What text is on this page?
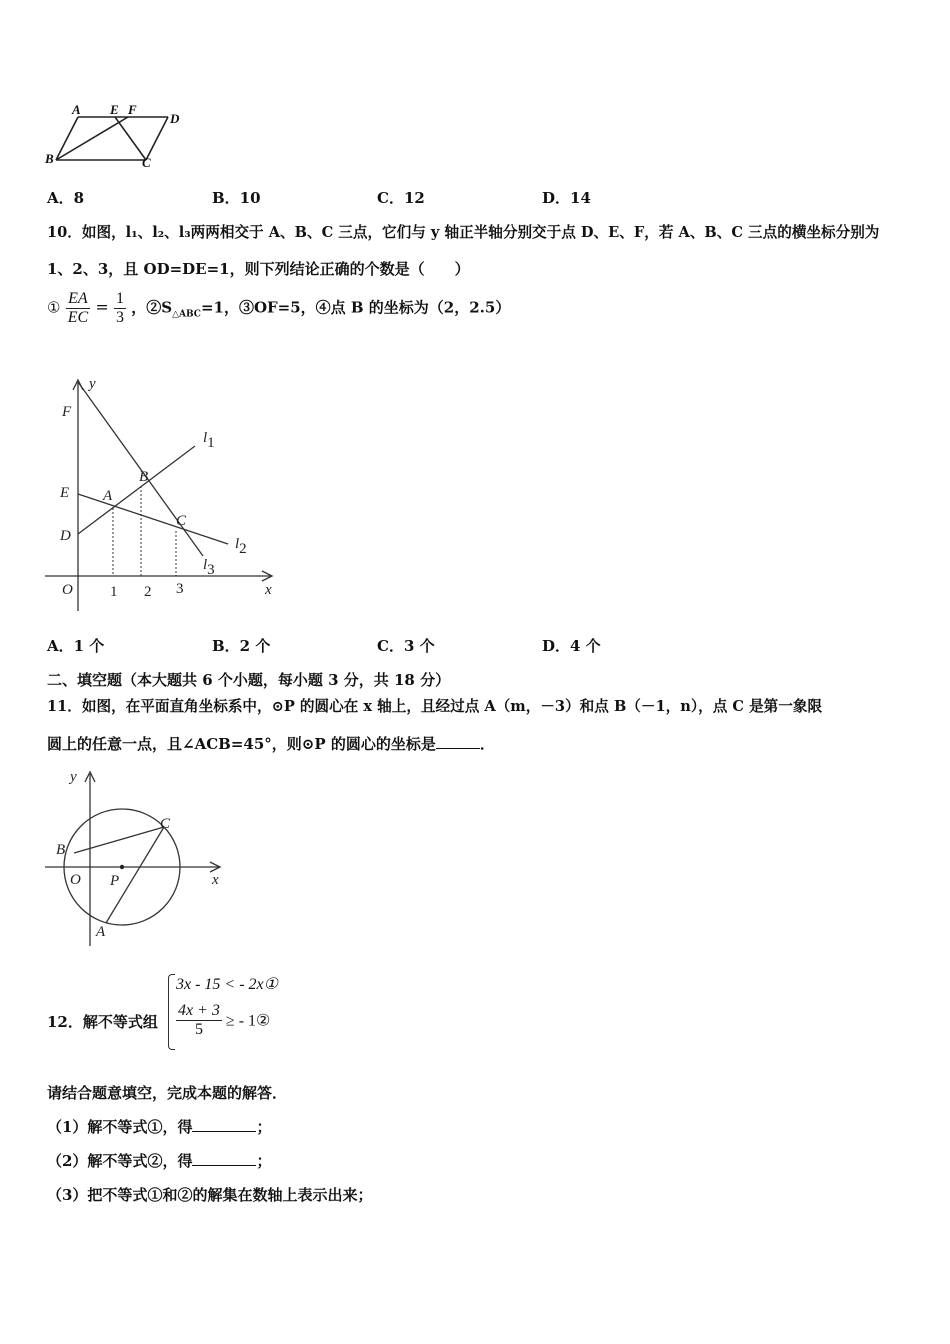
A E F
D
B	C
A．8	B．10	C．12	D．14
10．如图，l₁、l₂、l₃两两相交于 A、B、C 三点，它们与 y 轴正半轴分别交于点 D、E、F，若 A、B、C 三点的横坐标分别为
1、2、3，且 OD=DE=1，则下列结论正确的个数是（　　）
① $\frac{EA}{EC} = \frac{1}{3}$ ，$②S_{\triangle ABC}=1$，③OF=5，④点 B 的坐标为（2，2.5）
y
F
E
D
O
A
B
C
x
1 2 3
l1
l2
l3
A．1 个	B．2 个	C．3 个	D．4 个
二、填空题（本大题共 6 个小题，每小题 3 分，共 18 分）
11．如图，在平面直角坐标系中，⊙P 的圆心在 x 轴上，且经过点 A（m，－3）和点 B（－1，n），点 C 是第一象限
圆上的任意一点，且∠ACB=45°，则⊙P 的圆心的坐标是	．
y
x
O P
B
C
A
12．解不等式组
3x - 15 < - 2x①
$\frac{4x + 3}{5}$ ≥ - 1②
请结合题意填空，完成本题的解答．
（1）解不等式①，得	；
（2）解不等式②，得	；
（3）把不等式①和②的解集在数轴上表示出来；
